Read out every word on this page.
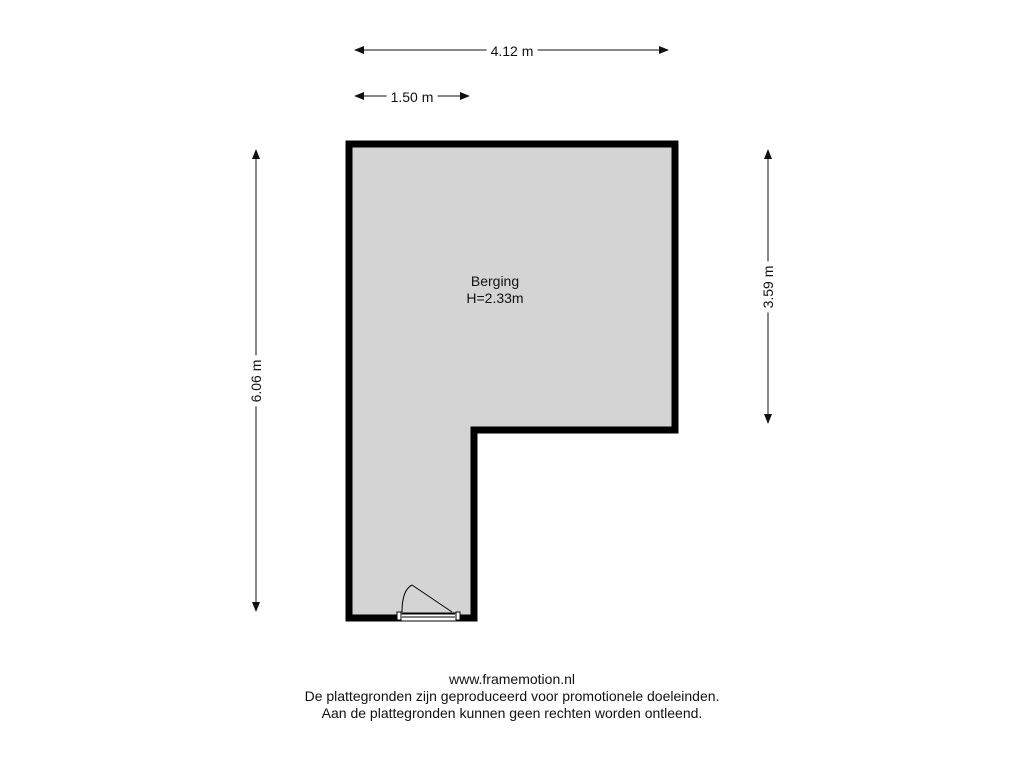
4.12 m
1.50 m
6.06 m
3.59 m
Berging
H=2.33m
www.framemotion.nl
De plattegronden zijn geproduceerd voor promotionele doeleinden.
Aan de plattegronden kunnen geen rechten worden ontleend.
